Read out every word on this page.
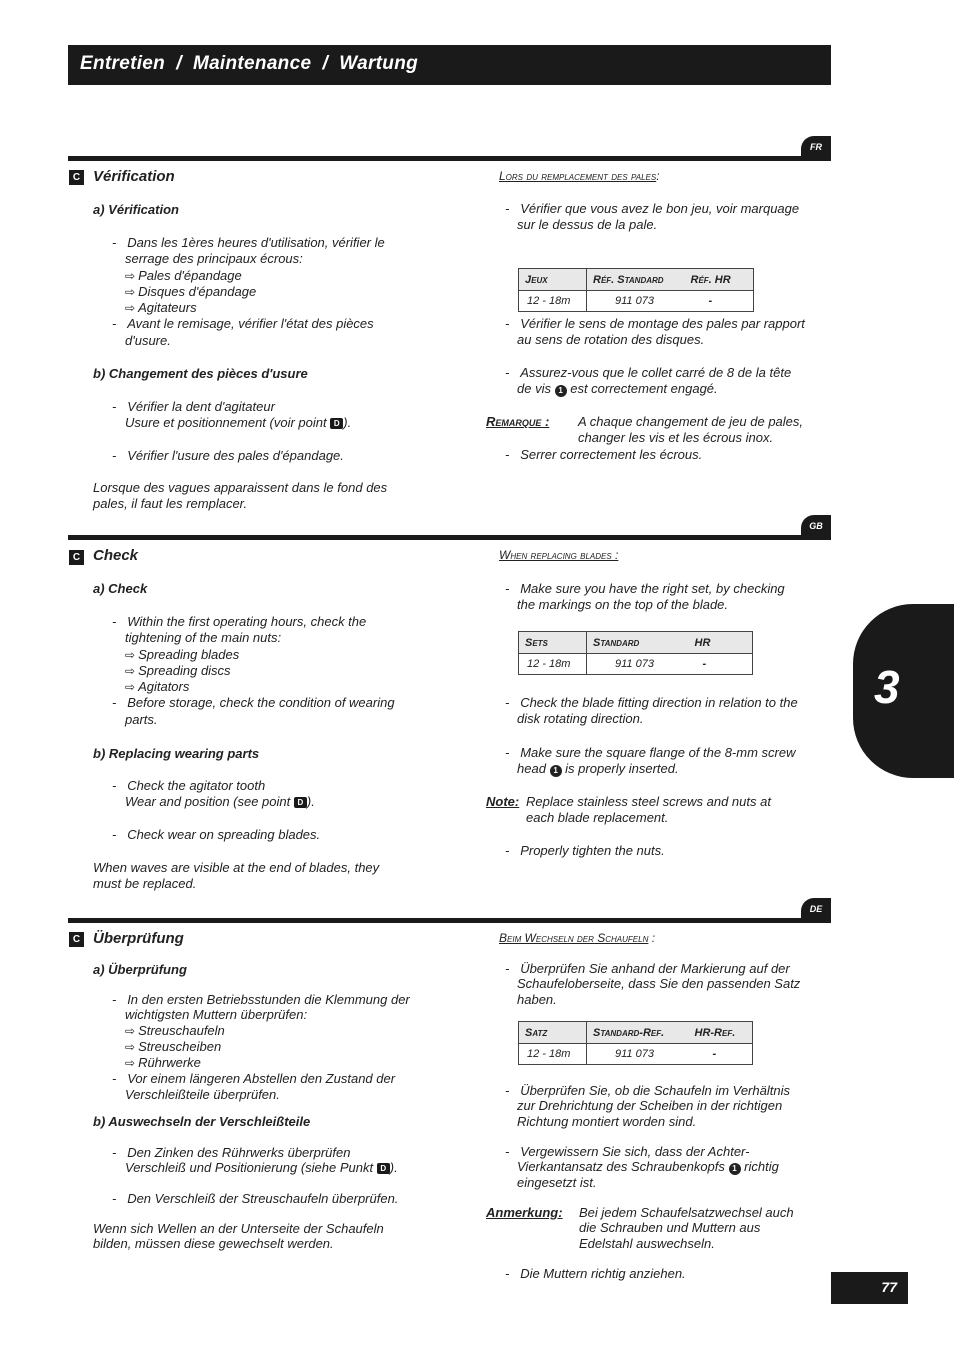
Entretien  /  Maintenance  /  Wartung
FR
C Vérification
a) Vérification
- Dans les 1ères heures d'utilisation, vérifier le
serrage des principaux écrous:
⇨ Pales d'épandage
⇨ Disques d'épandage
⇨ Agitateurs
- Avant le remisage, vérifier l'état des pièces
d'usure.
b) Changement des pièces d'usure
- Vérifier la dent d'agitateur
Usure et positionnement (voir point D ).
- Vérifier l'usure des pales d'épandage.
Lorsque des vagues apparaissent dans le fond des
pales, il faut les remplacer.
Lors du remplacement des pales:
- Vérifier que vous avez le bon jeu, voir marquage
sur le dessus de la pale.
Jeux	Réf. Standard	Réf. HR
12 - 18m	911 073	-
- Vérifier le sens de montage des pales par rapport
au sens de rotation des disques.
- Assurez-vous que le collet carré de 8 de la tête
de vis 1 est correctement engagé.
Remarque : A chaque changement de jeu de pales,
changer les vis et les écrous inox.
- Serrer correctement les écrous.
GB
C Check
a) Check
- Within the first operating hours, check the
tightening of the main nuts:
⇨ Spreading blades
⇨ Spreading discs
⇨ Agitators
- Before storage, check the condition of wearing
parts.
b) Replacing wearing parts
- Check the agitator tooth
Wear and position (see point D ).
- Check wear on spreading blades.
When waves are visible at the end of blades, they
must be replaced.
When replacing blades :
- Make sure you have the right set, by checking
the markings on the top of the blade.
Sets	Standard	HR
12 - 18m	911 073	-
- Check the blade fitting direction in relation to the
disk rotating direction.
- Make sure the square flange of the 8-mm screw
head 1 is properly inserted.
Note: Replace stainless steel screws and nuts at
each blade replacement.
- Properly tighten the nuts.
3
DE
C Überprüfung
a) Überprüfung
- In den ersten Betriebsstunden die Klemmung der
wichtigsten Muttern überprüfen:
⇨ Streuschaufeln
⇨ Streuscheiben
⇨ Rührwerke
- Vor einem längeren Abstellen den Zustand der
Verschleißteile überprüfen.
b) Auswechseln der Verschleißteile
- Den Zinken des Rührwerks überprüfen
Verschleiß und Positionierung (siehe Punkt D ).
- Den Verschleiß der Streuschaufeln überprüfen.
Wenn sich Wellen an der Unterseite der Schaufeln
bilden, müssen diese gewechselt werden.
Beim Wechseln der Schaufeln :
- Überprüfen Sie anhand der Markierung auf der
Schaufeloberseite, dass Sie den passenden Satz
haben.
Satz	Standard-Ref.	HR-Ref.
12 - 18m	911 073	-
- Überprüfen Sie, ob die Schaufeln im Verhältnis
zur Drehrichtung der Scheiben in der richtigen
Richtung montiert worden sind.
- Vergewissern Sie sich, dass der Achter-
Vierkantansatz des Schraubenkopfs 1 richtig
eingesetzt ist.
Anmerkung: Bei jedem Schaufelsatzwechsel auch
die Schrauben und Muttern aus
Edelstahl auswechseln.
- Die Muttern richtig anziehen.
77
